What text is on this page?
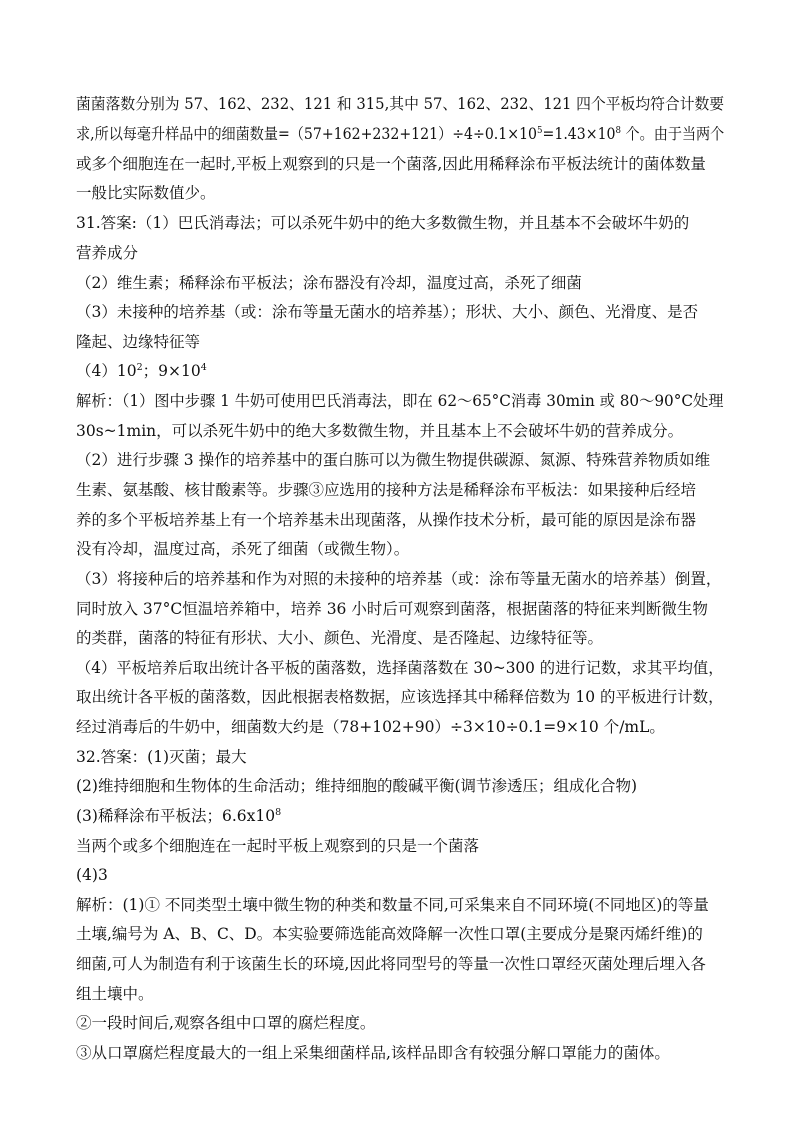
菌菌落数分别为 57、162、232、121 和 315,其中 57、162、232、121 四个平板均符合计数要
求,所以每毫升样品中的细菌数量$=(57+162+232+121)\div 4\div 0.1\times 10^5=1.43\times 10^8$ 个。由于当两个
或多个细胞连在一起时,平板上观察到的只是一个菌落,因此用稀释涂布平板法统计的菌体数量
一般比实际数值少。
31.答案:（1）巴氏消毒法；可以杀死牛奶中的绝大多数微生物，并且基本不会破坏牛奶的
营养成分
（2）维生素；稀释涂布平板法；涂布器没有冷却，温度过高，杀死了细菌
（3）未接种的培养基（或：涂布等量无菌水的培养基）；形状、大小、颜色、光滑度、是否
隆起、边缘特征等
$(4)10^2$；$9\times 10^4$
解析：（1）图中步骤 1 牛奶可使用巴氏消毒法，即在 62～65°C消毒 30min 或 80～90°C处理
30s~1min，可以杀死牛奶中的绝大多数微生物，并且基本上不会破坏牛奶的营养成分。
（2）进行步骤 3 操作的培养基中的蛋白胨可以为微生物提供碳源、氮源、特殊营养物质如维
生素、氨基酸、核甘酸素等。步骤③应选用的接种方法是稀释涂布平板法：如果接种后经培
养的多个平板培养基上有一个培养基未出现菌落，从操作技术分析，最可能的原因是涂布器
没有冷却，温度过高，杀死了细菌（或微生物）。
（3）将接种后的培养基和作为对照的未接种的培养基（或：涂布等量无菌水的培养基）倒置，
同时放入 37°C恒温培养箱中，培养 36 小时后可观察到菌落，根据菌落的特征来判断微生物
的类群，菌落的特征有形状、大小、颜色、光滑度、是否隆起、边缘特征等。
（4）平板培养后取出统计各平板的菌落数，选择菌落数在 30~300 的进行记数，求其平均值，
取出统计各平板的菌落数，因此根据表格数据，应该选择其中稀释倍数为 10 的平板进行计数，
经过消毒后的牛奶中，细菌数大约是（78+102+90）÷3×10÷0.1=9×10 个/mL。
32.答案：(1)灭菌；最大
(2)维持细胞和生物体的生命活动；维持细胞的酸碱平衡(调节渗透压；组成化合物)
(3)稀释涂布平板法；$6.6x10^8$
当两个或多个细胞连在一起时平板上观察到的只是一个菌落
(4)3
解析：(1)① 不同类型土壤中微生物的种类和数量不同,可采集来自不同环境(不同地区)的等量
土壤,编号为 A、B、C、D。本实验要筛选能高效降解一次性口罩(主要成分是聚丙烯纤维)的
细菌,可人为制造有利于该菌生长的环境,因此将同型号的等量一次性口罩经灭菌处理后埋入各
组土壤中。
②一段时间后,观察各组中口罩的腐烂程度。
③从口罩腐烂程度最大的一组上采集细菌样品,该样品即含有较强分解口罩能力的菌体。
